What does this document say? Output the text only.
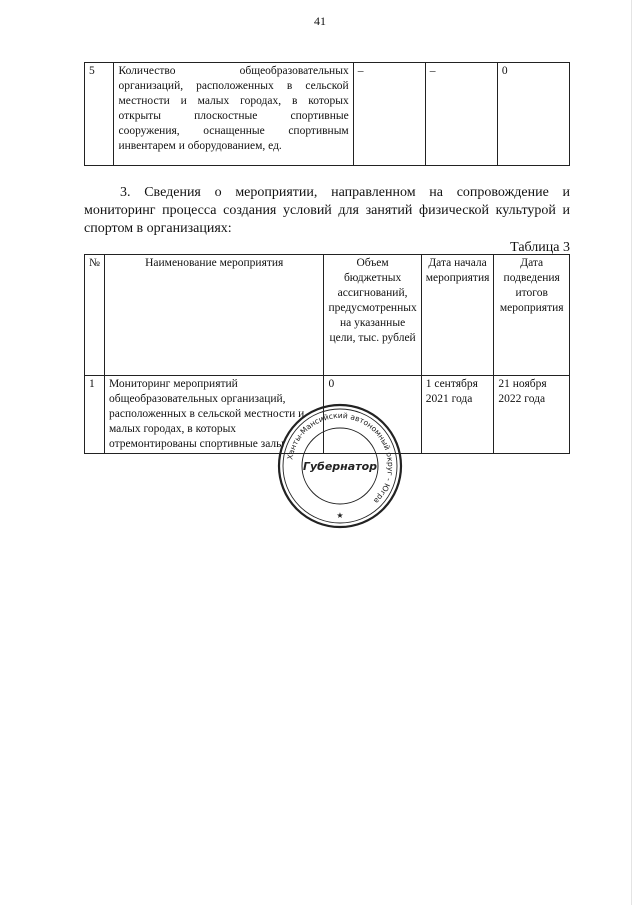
41
5	Количество общеобразовательных организаций, расположенных в сельской местности и малых городах, в которых открыты плоскостные спортивные сооружения, оснащенные спортивным инвентарем и оборудованием, ед.	–	–	0
3. Сведения о мероприятии, направленном на сопровождение и мониторинг процесса создания условий для занятий физической культурой и спортом в организациях:
Таблица 3
№	Наименование мероприятия	Объем бюджетных ассигнований, предусмотренных на указанные цели, тыс. рублей	Дата начала мероприятия	Дата подведения итогов мероприятия
1	Мониторинг мероприятий общеобразовательных организаций, расположенных в сельской местности и малых городах, в которых отремонтированы спортивные залы	0	1 сентября 2021 года	21 ноября 2022 года
Ханты-Мансийский автономный округ - Югра
Губернатор
★
